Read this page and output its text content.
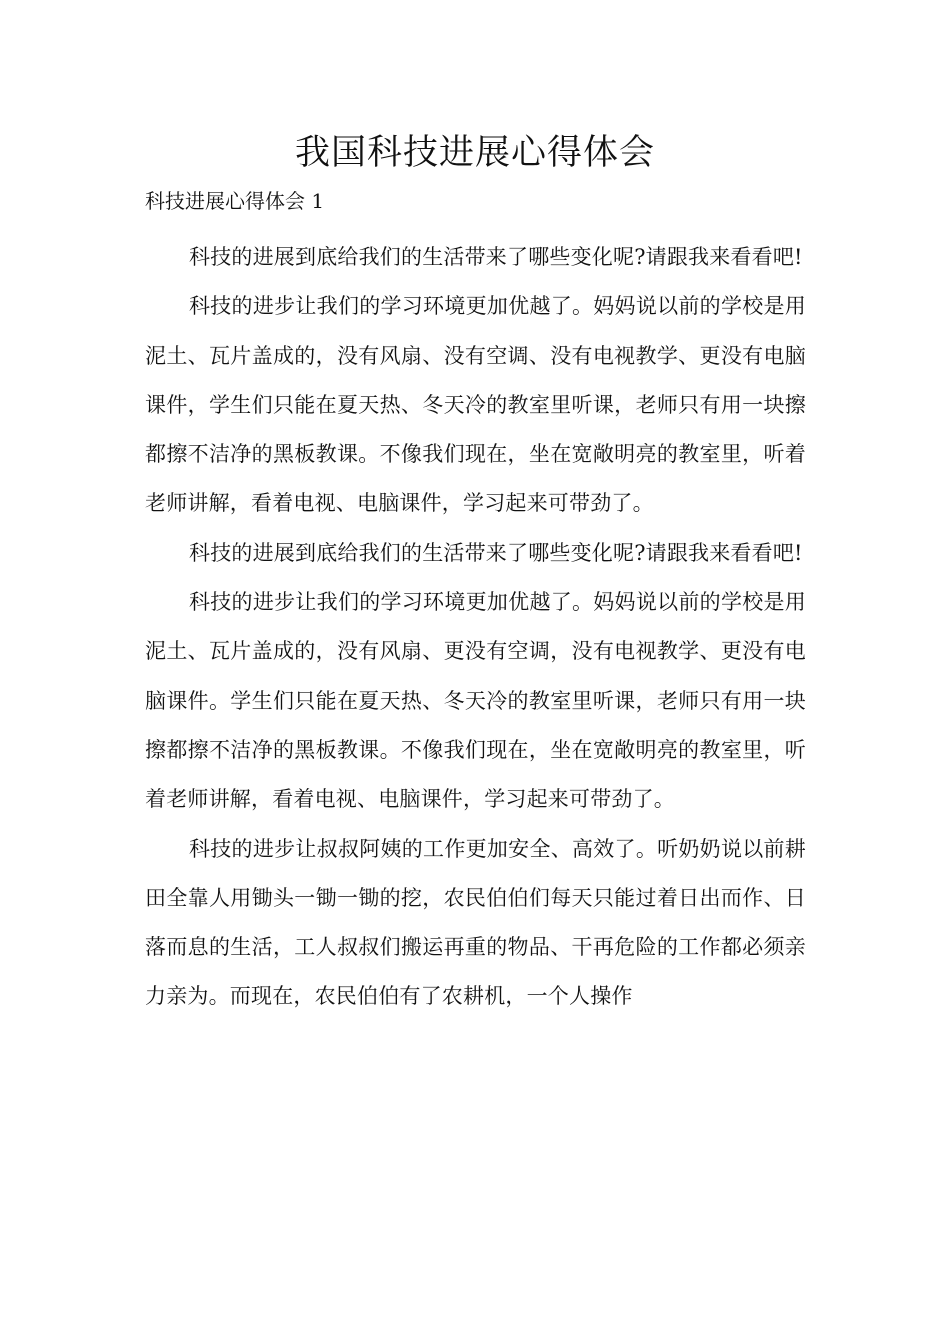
我国科技进展心得体会

科技进展心得体会 1

科技的进展到底给我们的生活带来了哪些变化呢?请跟我来看看吧!

科技的进步让我们的学习环境更加优越了。妈妈说以前的学校是用泥土、瓦片盖成的，没有风扇、没有空调、没有电视教学、更没有电脑课件，学生们只能在夏天热、冬天冷的教室里听课，老师只有用一块擦都擦不洁净的黑板教课。不像我们现在，坐在宽敞明亮的教室里，听着老师讲解，看着电视、电脑课件，学习起来可带劲了。

科技的进展到底给我们的生活带来了哪些变化呢?请跟我来看看吧!

科技的进步让我们的学习环境更加优越了。妈妈说以前的学校是用泥土、瓦片盖成的，没有风扇、更没有空调，没有电视教学、更没有电脑课件。学生们只能在夏天热、冬天冷的教室里听课，老师只有用一块擦都擦不洁净的黑板教课。不像我们现在，坐在宽敞明亮的教室里，听着老师讲解，看着电视、电脑课件，学习起来可带劲了。

科技的进步让叔叔阿姨的工作更加安全、高效了。听奶奶说以前耕田全靠人用锄头一锄一锄的挖，农民伯伯们每天只能过着日出而作、日落而息的生活，工人叔叔们搬运再重的物品、干再危险的工作都必须亲力亲为。而现在，农民伯伯有了农耕机，一个人操作
